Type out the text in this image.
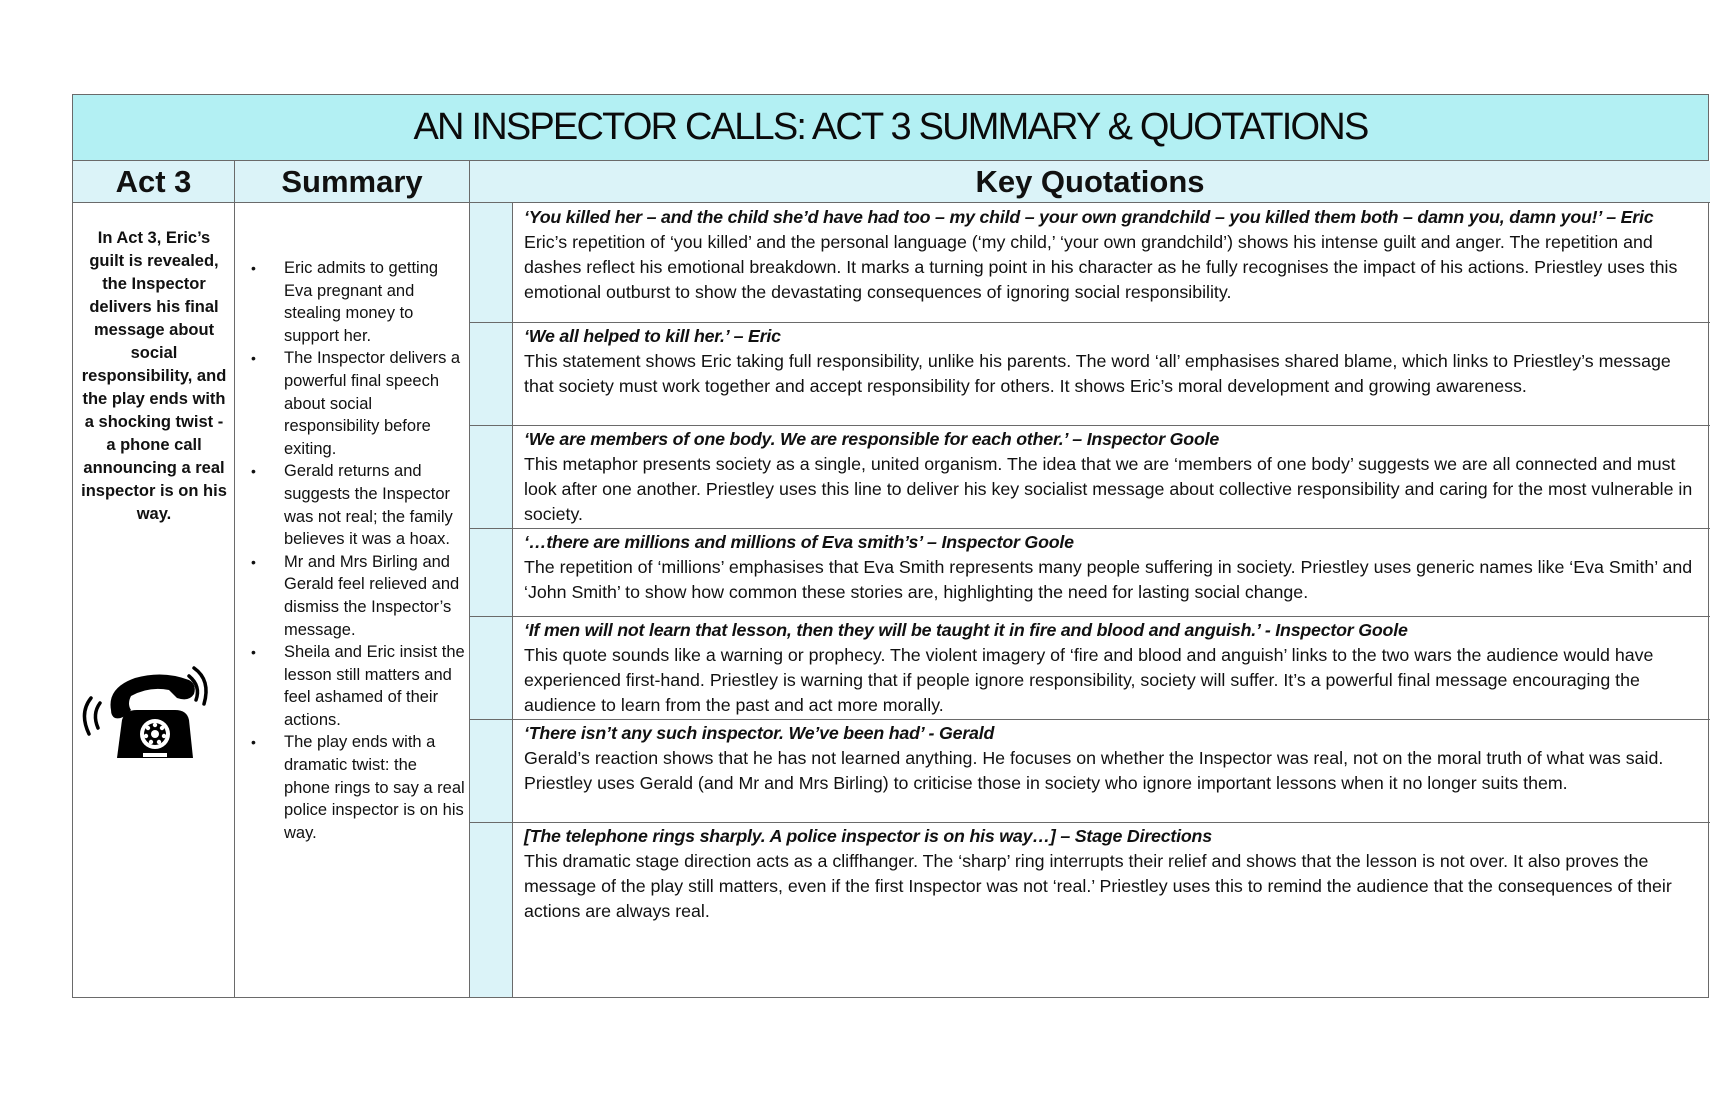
AN INSPECTOR CALLS: ACT 3 SUMMARY & QUOTATIONS
Act 3	Summary	Key Quotations
In Act 3, Eric’s guilt is revealed, the Inspector delivers his final message about social responsibility, and the play ends with a shocking twist - a phone call announcing a real inspector is on his way.
• Eric admits to getting Eva pregnant and stealing money to support her.
• The Inspector delivers a powerful final speech about social responsibility before exiting.
• Gerald returns and suggests the Inspector was not real; the family believes it was a hoax.
• Mr and Mrs Birling and Gerald feel relieved and dismiss the Inspector’s message.
• Sheila and Eric insist the lesson still matters and feel ashamed of their actions.
• The play ends with a dramatic twist: the phone rings to say a real police inspector is on his way.
‘You killed her – and the child she’d have had too – my child – your own grandchild – you killed them both – damn you, damn you!’ – Eric
Eric’s repetition of ‘you killed’ and the personal language (‘my child,’ ‘your own grandchild’) shows his intense guilt and anger. The repetition and dashes reflect his emotional breakdown. It marks a turning point in his character as he fully recognises the impact of his actions. Priestley uses this emotional outburst to show the devastating consequences of ignoring social responsibility.
‘We all helped to kill her.’ – Eric
This statement shows Eric taking full responsibility, unlike his parents. The word ‘all’ emphasises shared blame, which links to Priestley’s message that society must work together and accept responsibility for others. It shows Eric’s moral development and growing awareness.
‘We are members of one body. We are responsible for each other.’ – Inspector Goole
This metaphor presents society as a single, united organism. The idea that we are ‘members of one body’ suggests we are all connected and must look after one another. Priestley uses this line to deliver his key socialist message about collective responsibility and caring for the most vulnerable in society.
‘…there are millions and millions of Eva smith’s’ – Inspector Goole
The repetition of ‘millions’ emphasises that Eva Smith represents many people suffering in society. Priestley uses generic names like ‘Eva Smith’ and ‘John Smith’ to show how common these stories are, highlighting the need for lasting social change.
‘If men will not learn that lesson, then they will be taught it in fire and blood and anguish.’ - Inspector Goole
This quote sounds like a warning or prophecy. The violent imagery of ‘fire and blood and anguish’ links to the two wars the audience would have experienced first-hand. Priestley is warning that if people ignore responsibility, society will suffer. It’s a powerful final message encouraging the audience to learn from the past and act more morally.
‘There isn’t any such inspector. We’ve been had’ - Gerald
Gerald’s reaction shows that he has not learned anything. He focuses on whether the Inspector was real, not on the moral truth of what was said. Priestley uses Gerald (and Mr and Mrs Birling) to criticise those in society who ignore important lessons when it no longer suits them.
[The telephone rings sharply. A police inspector is on his way…] – Stage Directions
This dramatic stage direction acts as a cliffhanger. The ‘sharp’ ring interrupts their relief and shows that the lesson is not over. It also proves the message of the play still matters, even if the first Inspector was not ‘real.’ Priestley uses this to remind the audience that the consequences of their actions are always real.
